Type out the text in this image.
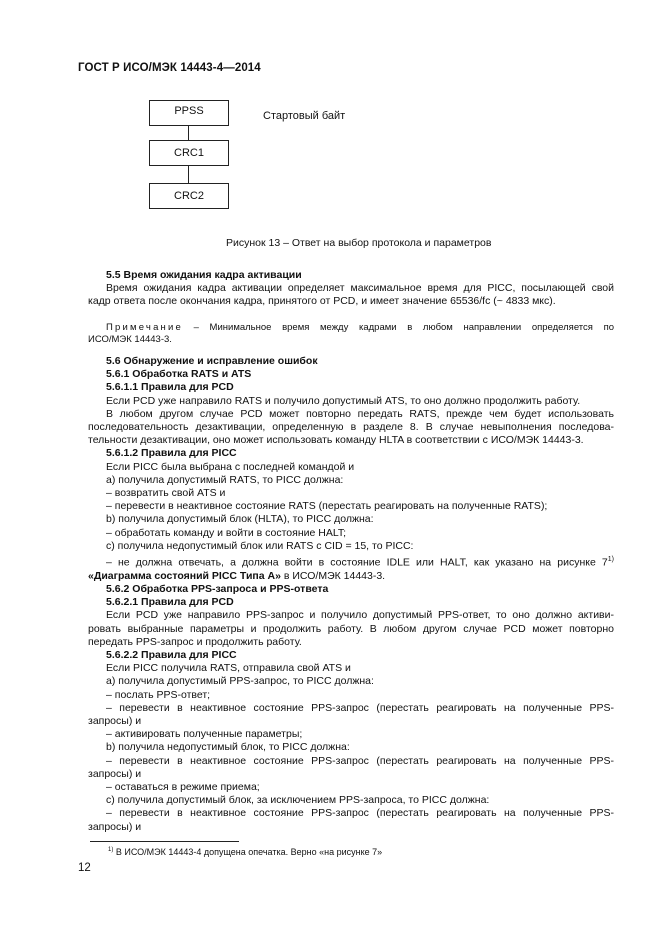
ГОСТ Р ИСО/МЭК 14443-4—2014
PPSS
CRC1
CRC2
Стартовый байт
Рисунок 13 – Ответ на выбор протокола и параметров

5.5 Время ожидания кадра активации

Время ожидания кадра активации определяет максимальное время для PICC, посылающей свой

кадр ответа после окончания кадра, принятого от PCD, и имеет значение 65536/fc (~ 4833 мкс).

Примечание – Минимальное время между кадрами в любом направлении определяется по

ИСО/МЭК 14443-3.

5.6 Обнаружение и исправление ошибок

5.6.1 Обработка RATS и ATS

5.6.1.1 Правила для PCD

Если PCD уже направило RATS и получило допустимый ATS, то оно должно продолжить работу.

В любом другом случае PCD может повторно передать RATS, прежде чем будет использовать

последовательность дезактивации, определенную в разделе 8. В случае невыполнения последова-

тельности дезактивации, оно может использовать команду HLTA в соответствии с ИСО/МЭК 14443-3.

5.6.1.2 Правила для PICC

Если PICC была выбрана с последней командой и

a) получила допустимый RATS, то PICC должна:

– возвратить свой ATS и

– перевести в неактивное состояние RATS (перестать реагировать на полученные RATS);

b) получила допустимый блок (HLTA), то PICC должна:

– обработать команду и войти в состояние HALT;

c) получила недопустимый блок или RATS с CID = 15, то PICC:

– не должна отвечать, а должна войти в состояние IDLE или HALT, как указано на рисунке 7$^{1)}$

«Диаграмма состояний PICC Типа А» в ИСО/МЭК 14443-3.

5.6.2 Обработка PPS-запроса и PPS-ответа

5.6.2.1 Правила для PCD

Если PCD уже направило PPS-запрос и получило допустимый PPS-ответ, то оно должно активи-

ровать выбранные параметры и продолжить работу. В любом другом случае PCD может повторно

передать PPS-запрос и продолжить работу.

5.6.2.2 Правила для PICC

Если PICC получила RATS, отправила свой ATS и

a) получила допустимый PPS-запрос, то PICC должна:

– послать PPS-ответ;

– перевести в неактивное состояние PPS-запрос (перестать реагировать на полученные PPS-

запросы) и

– активировать полученные параметры;

b) получила недопустимый блок, то PICC должна:

– перевести в неактивное состояние PPS-запрос (перестать реагировать на полученные PPS-

запросы) и

– оставаться в режиме приема;

c) получила допустимый блок, за исключением PPS-запроса, то PICC должна:

– перевести в неактивное состояние PPS-запрос (перестать реагировать на полученные PPS-

запросы) и

$^{1)}$ В ИСО/МЭК 14443-4 допущена опечатка. Верно «на рисунке 7»
12
